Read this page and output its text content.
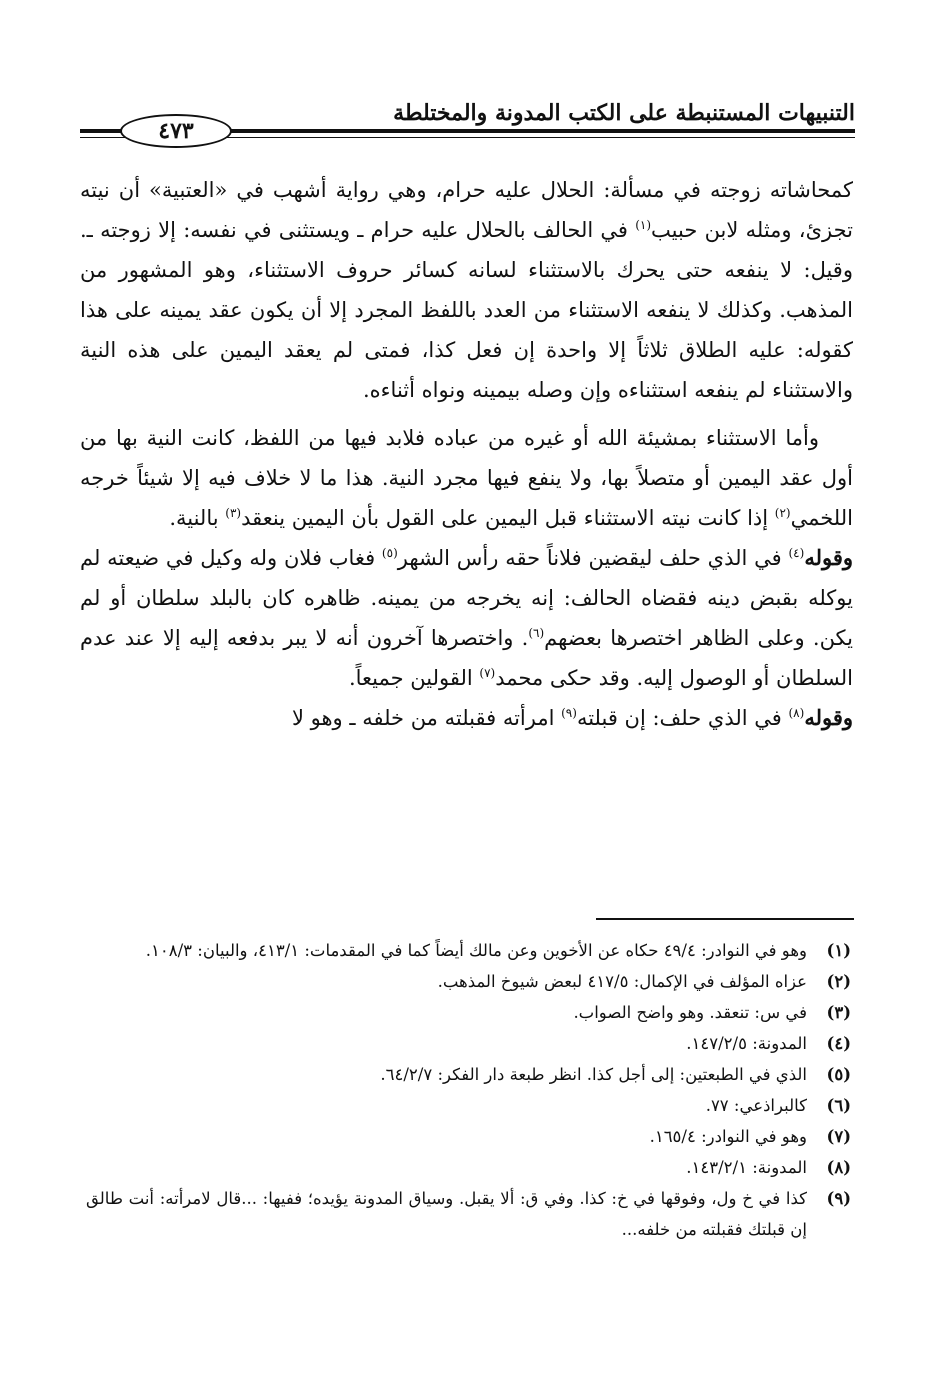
التنبيهات المستنبطة على الكتب المدونة والمختلطة
٤٧٣

كمحاشاته زوجته في مسألة: الحلال عليه حرام، وهي رواية أشهب في «العتبية» أن نيته تجزئ، ومثله لابن حبيب$^{(١)}$ في الحالف بالحلال عليه حرام ـ ويستثنى في نفسه: إلا زوجته ـ. وقيل: لا ينفعه حتى يحرك بالاستثناء لسانه كسائر حروف الاستثناء، وهو المشهور من المذهب. وكذلك لا ينفعه الاستثناء من العدد باللفظ المجرد إلا أن يكون عقد يمينه على هذا كقوله: عليه الطلاق ثلاثاً إلا واحدة إن فعل كذا، فمتى لم يعقد اليمين على هذه النية والاستثناء لم ينفعه استثناءه وإن وصله بيمينه ونواه أثناءه.

وأما الاستثناء بمشيئة الله أو غيره من عباده فلابد فيها من اللفظ، كانت النية بها من أول عقد اليمين أو متصلاً بها، ولا ينفع فيها مجرد النية. هذا ما لا خلاف فيه إلا شيئاً خرجه اللخمي$^{(٢)}$ إذا كانت نيته الاستثناء قبل اليمين على القول بأن اليمين ينعقد$^{(٣)}$ بالنية.

وقوله$^{(٤)}$ في الذي حلف ليقضين فلاناً حقه رأس الشهر$^{(٥)}$ فغاب فلان وله وكيل في ضيعته لم يوكله بقبض دينه فقضاه الحالف: إنه يخرجه من يمينه. ظاهره كان بالبلد سلطان أو لم يكن. وعلى الظاهر اختصرها بعضهم$^{(٦)}$. واختصرها آخرون أنه لا يبر بدفعه إليه إلا عند عدم السلطان أو الوصول إليه. وقد حكى محمد$^{(٧)}$ القولين جميعاً.

وقوله$^{(٨)}$ في الذي حلف: إن قبلته$^{(٩)}$ امرأته فقبلته من خلفه ـ وهو لا

(١)
وهو في النوادر: ٤٩/٤ حكاه عن الأخوين وعن مالك أيضاً كما في المقدمات: ٤١٣/١، والبيان: ١٠٨/٣.
(٢)
عزاه المؤلف في الإكمال: ٤١٧/٥ لبعض شيوخ المذهب.
(٣)
في س: تنعقد. وهو واضح الصواب.
(٤)
المدونة: ١٤٧/٢/٥.
(٥)
الذي في الطبعتين: إلى أجل كذا. انظر طبعة دار الفكر: ٦٤/٢/٧.
(٦)
كالبراذعي: ٧٧.
(٧)
وهو في النوادر: ١٦٥/٤.
(٨)
المدونة: ١٤٣/٢/١.
(٩)
كذا في خ ول، وفوقها في خ: كذا. وفي ق: ألا يقبل. وسياق المدونة يؤيده؛ ففيها: ...قال لامرأته: أنت طالق إن قبلتك فقبلته من خلفه...
